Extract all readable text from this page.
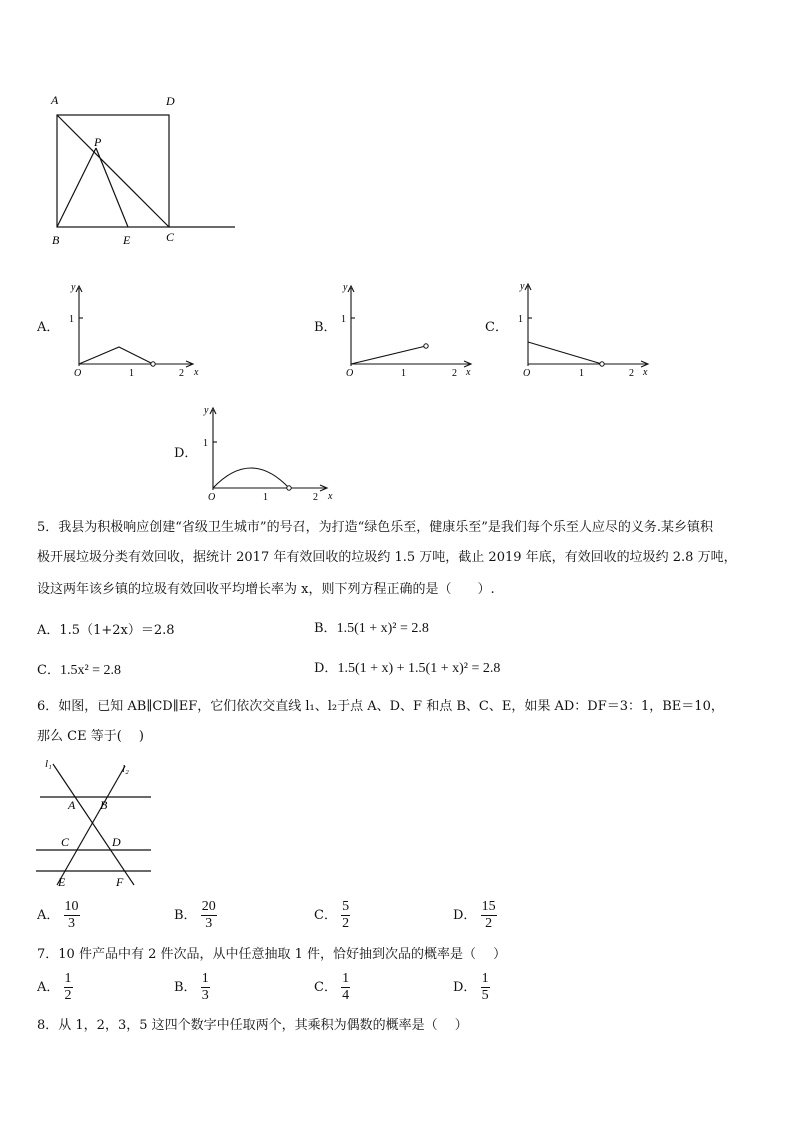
A	D
P
B	E	C
A．
y
1
O	1	2 x
B．
y
1
O	1	2 x
C．
y
1
O	1	2 x
D．
y
1
O	1	2 x
5．我县为积极响应创建“省级卫生城市”的号召，为打造“绿色乐至，健康乐至”是我们每个乐至人应尽的义务.某乡镇积
极开展垃圾分类有效回收，据统计 2017 年有效回收的垃圾约 1.5 万吨，截止 2019 年底，有效回收的垃圾约 2.8 万吨，
设这两年该乡镇的垃圾有效回收平均增长率为 x，则下列方程正确的是（　　）.
A．1.5（1+2x）＝2.8	B．1.5(1 + x)² = 2.8
C．1.5x² = 2.8	D．1.5(1 + x) + 1.5(1 + x)² = 2.8
6．如图，已知 AB∥CD∥EF，它们依次交直线 l₁、l₂于点 A、D、F 和点 B、C、E，如果 AD：DF＝3：1，BE＝10，
那么 CE 等于(　 )
l₁	l₂
A B
C	D
E	F
A． $\frac{10}{3}$	B． $\frac{20}{3}$	C． $\frac{5}{2}$	D． $\frac{15}{2}$
7．10 件产品中有 2 件次品，从中任意抽取 1 件，恰好抽到次品的概率是（　 ）
A． $\frac{1}{2}$	B． $\frac{1}{3}$	C． $\frac{1}{4}$	D． $\frac{1}{5}$
8．从 1，2，3，5 这四个数字中任取两个，其乘积为偶数的概率是（　 ）
